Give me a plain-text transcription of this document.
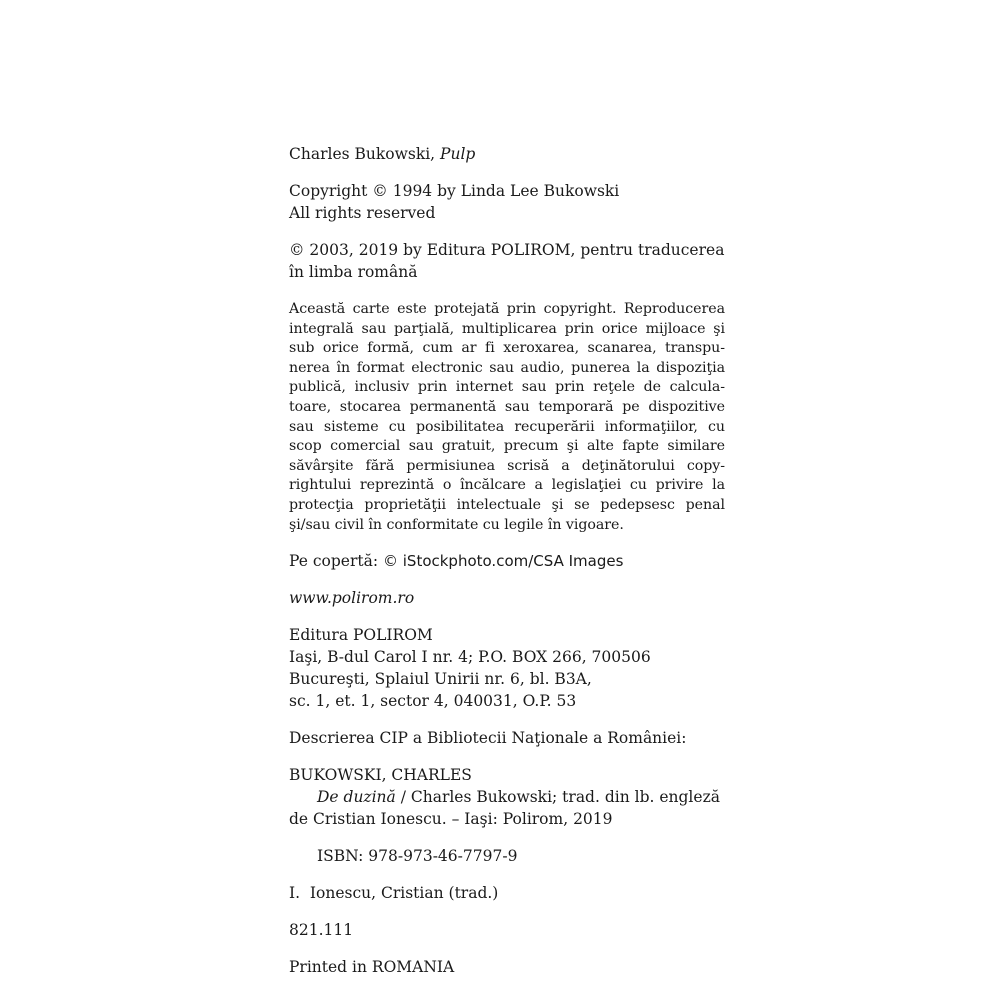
Charles Bukowski, Pulp
Copyright © 1994 by Linda Lee Bukowski
All rights reserved
© 2003, 2019 by Editura POLIROM, pentru traducerea
în limba română
Această carte este protejată prin copyright. Reproducerea
integrală sau parţială, multiplicarea prin orice mijloace şi
sub orice formă, cum ar fi xeroxarea, scanarea, transpu-
nerea în format electronic sau audio, punerea la dispoziţia
publică, inclusiv prin internet sau prin reţele de calcula-
toare, stocarea permanentă sau temporară pe dispozitive
sau sisteme cu posibilitatea recuperării informaţiilor, cu
scop comercial sau gratuit, precum şi alte fapte similare
săvârşite fără permisiunea scrisă a deţinătorului copy-
rightului reprezintă o încălcare a legislaţiei cu privire la
protecţia proprietăţii intelectuale şi se pedepsesc penal
şi/sau civil în conformitate cu legile în vigoare.
Pe copertă: © iStockphoto.com/CSA Images
www.polirom.ro
Editura POLIROM
Iaşi, B-dul Carol I nr. 4; P.O. BOX 266, 700506
Bucureşti, Splaiul Unirii nr. 6, bl. B3A,
sc. 1, et. 1, sector 4, 040031, O.P. 53
Descrierea CIP a Bibliotecii Naţionale a României:
BUKOWSKI, CHARLES
De duzină / Charles Bukowski; trad. din lb. engleză
de Cristian Ionescu. – Iaşi: Polirom, 2019
ISBN: 978-973-46-7797-9
I. Ionescu, Cristian (trad.)
821.111
Printed in ROMANIA
